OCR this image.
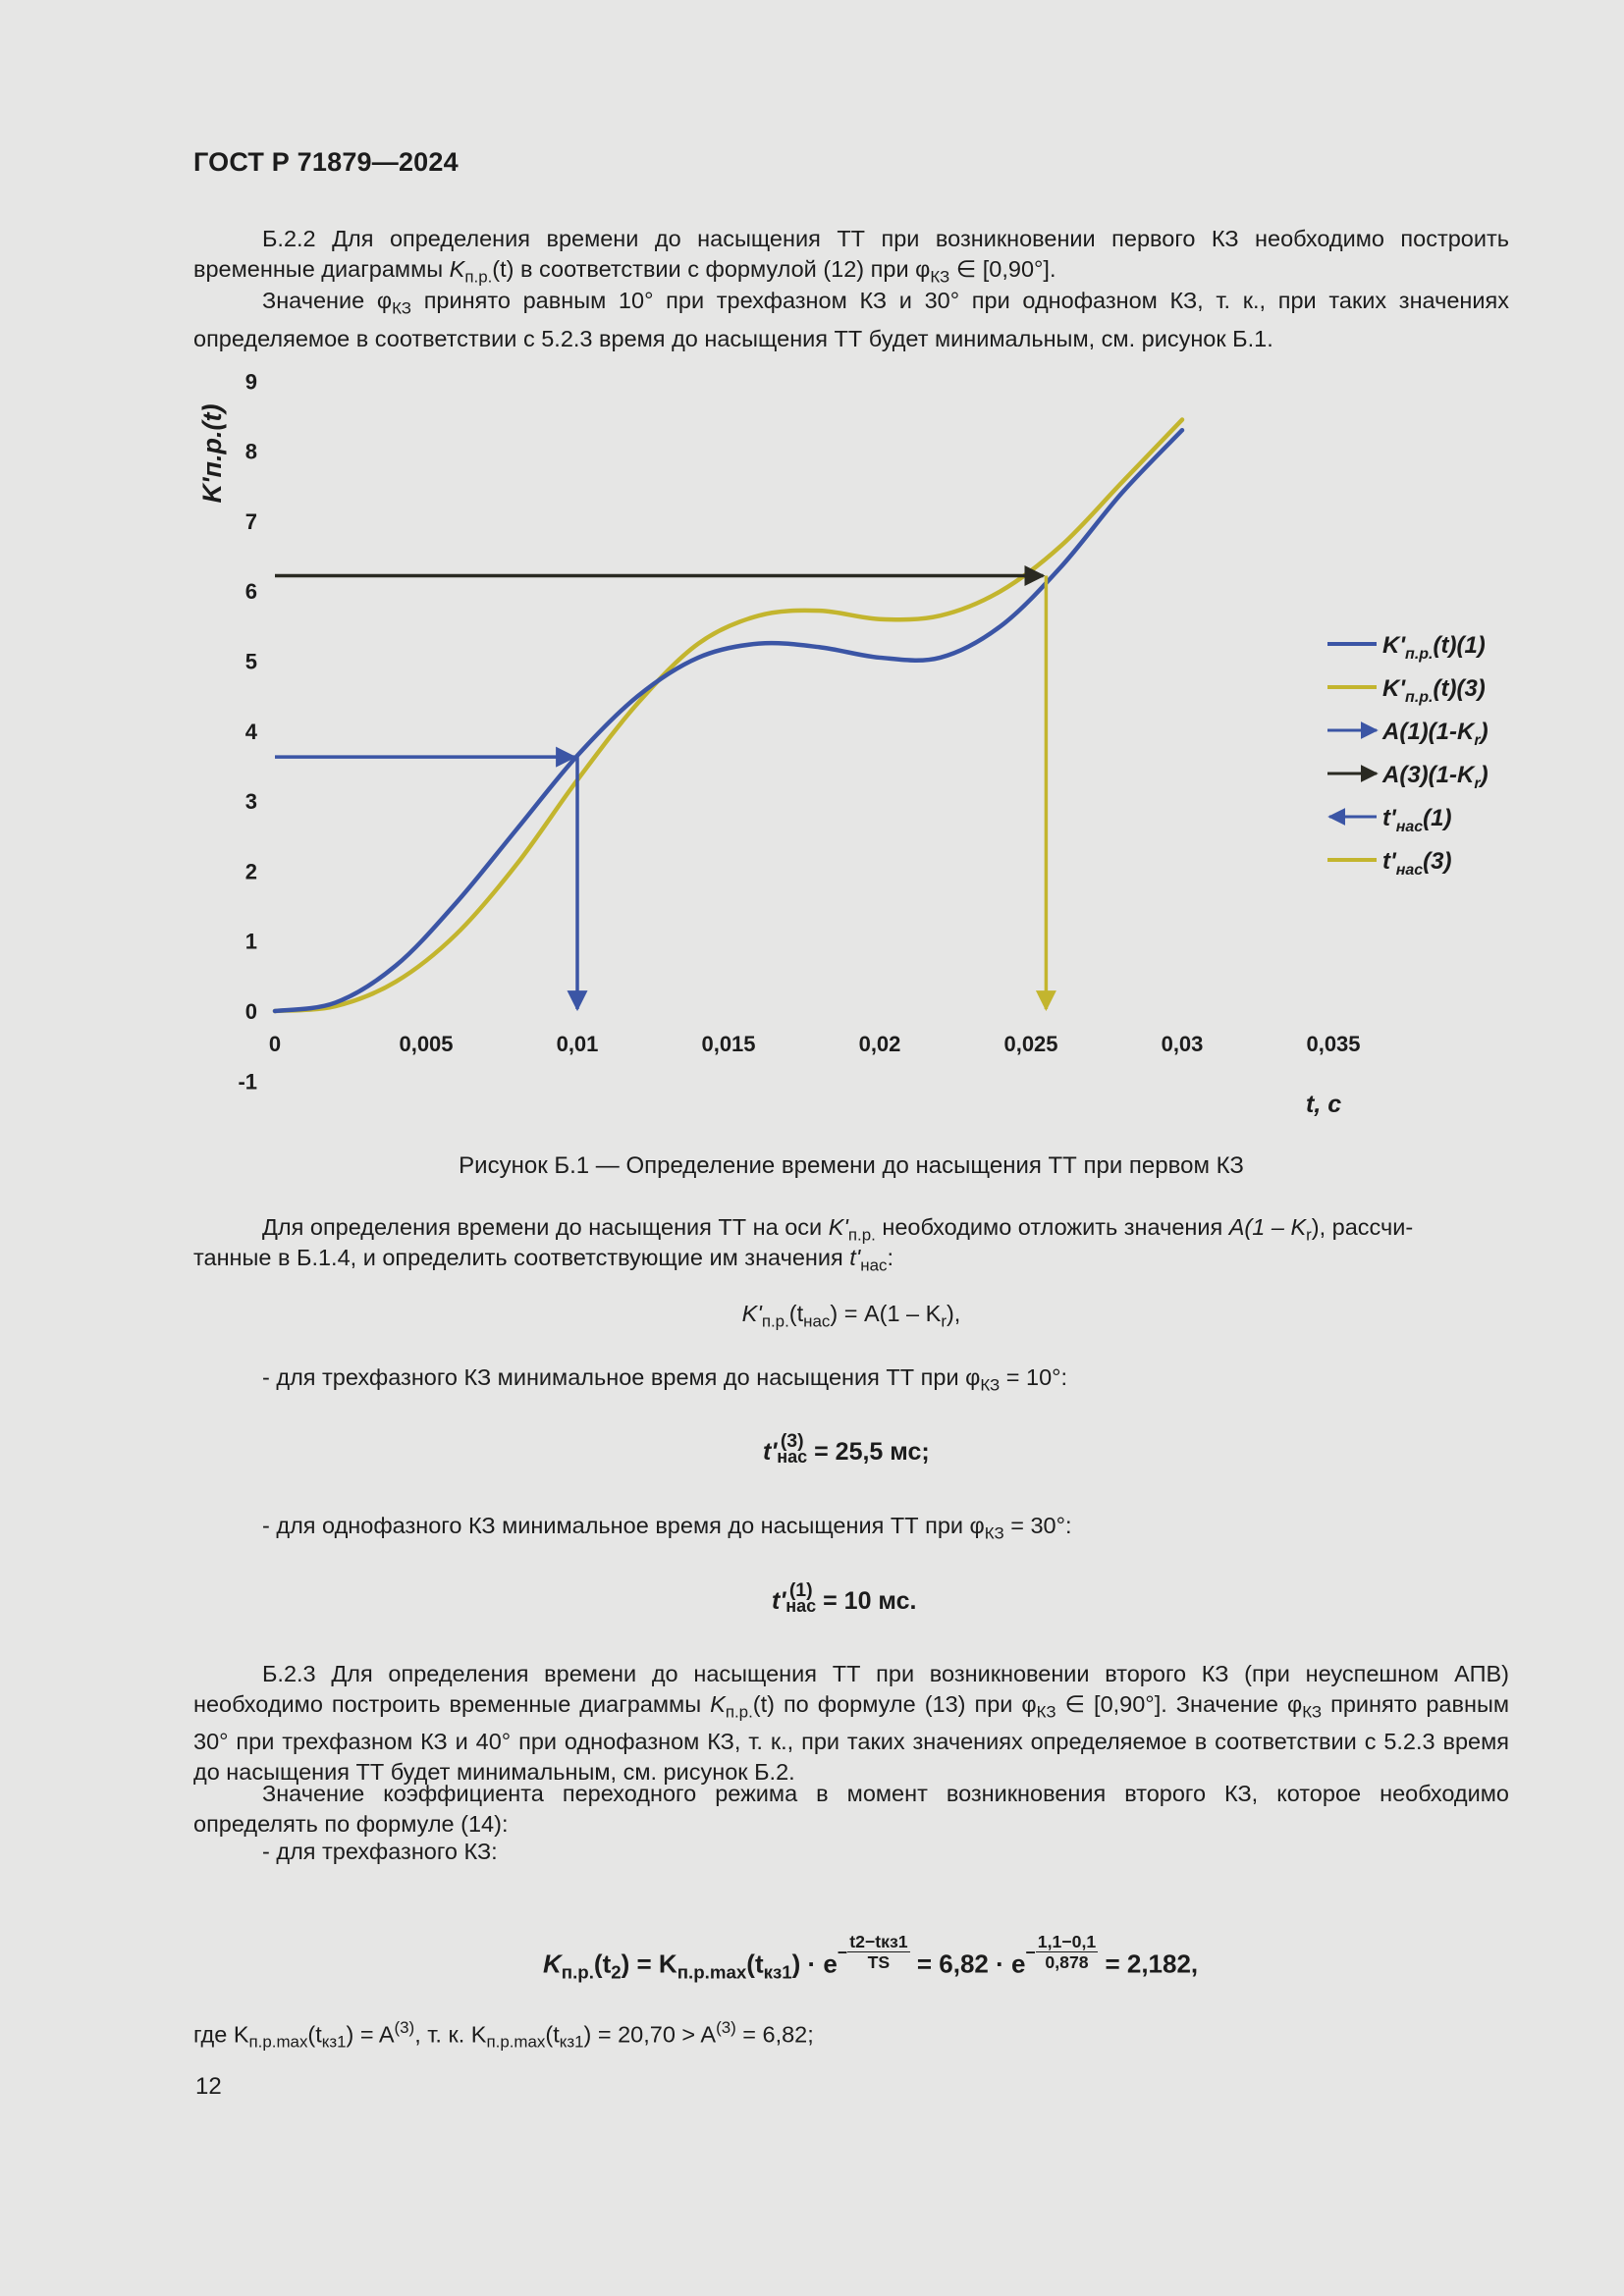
ГОСТ Р 71879—2024
Б.2.2 Для определения времени до насыщения ТТ при возникновении первого КЗ необходимо построить временные диаграммы $K_{п.р.}(t)$ в соответствии с формулой (12) при $\varphi_{КЗ}$ ∈ [0,90°].
Значение $\varphi_{КЗ}$ принято равным 10° при трехфазном КЗ и 30° при однофазном КЗ, т. к., при таких значениях определяемое в соответствии с 5.2.3 время до насыщения ТТ будет минимальным, см. рисунок Б.1.
K'п.р.(t)
-1
0
1
2
3
4
5
6
7
8
9
0	0,005	0,01	0,015	0,02	0,025	0,03	0,035
$K'_{п.р.}(t)(1)$
$K'_{п.р.}(t)(3)$
$A(1)(1-K_r)$
$A(3)(1-K_r)$
$t'_{нас}(1)$
$t'_{нас}(3)$
t, с
Рисунок Б.1 — Определение времени до насыщения ТТ при первом КЗ
Для определения времени до насыщения ТТ на оси $K'_{п.р.}$ необходимо отложить значения $A(1 - K_r)$, рассчи-
танные в Б.1.4, и определить соответствующие им значения $t'_{нас}$:
$K'_{п.р.}(t_{нас}) = A(1 - K_r)$,
- для трехфазного КЗ минимальное время до насыщения ТТ при $\varphi_{КЗ} = 10^\circ$:
t' (3)
нас = 25,5 мс;
- для однофазного КЗ минимальное время до насыщения ТТ при $\varphi_{КЗ} = 30^\circ$:
t' (1)
нас = 10 мс.
Б.2.3 Для определения времени до насыщения ТТ при возникновении второго КЗ (при неуспешном АПВ) необходимо построить временные диаграммы $K_{п.р.}(t)$ по формуле (13) при $\varphi_{КЗ}$ ∈ [0,90°]. Значение $\varphi_{КЗ}$ принято равным 30° при трехфазном КЗ и 40° при однофазном КЗ, т. к., при таких значениях определяемое в соответствии с 5.2.3 время до насыщения ТТ будет минимальным, см. рисунок Б.2.
Значение коэффициента переходного режима в момент возникновения второго КЗ, которое необходимо определять по формуле (14):
- для трехфазного КЗ:
$K_{п.р.}(t_2) = K_{п.р.max}(t_{кз1}) \cdot e-$
t2−tкз1
TS	= $6,82 \cdot e- \frac{1,1-0,1}{0,878} = 2,182$,
где $K_{п.р.max}(t_{кз1}) = A^{(3)}$, т. к. $K_{п.р.max}(t_{кз1}) = 20,70 > A^{(3)} = 6,82$;
12
